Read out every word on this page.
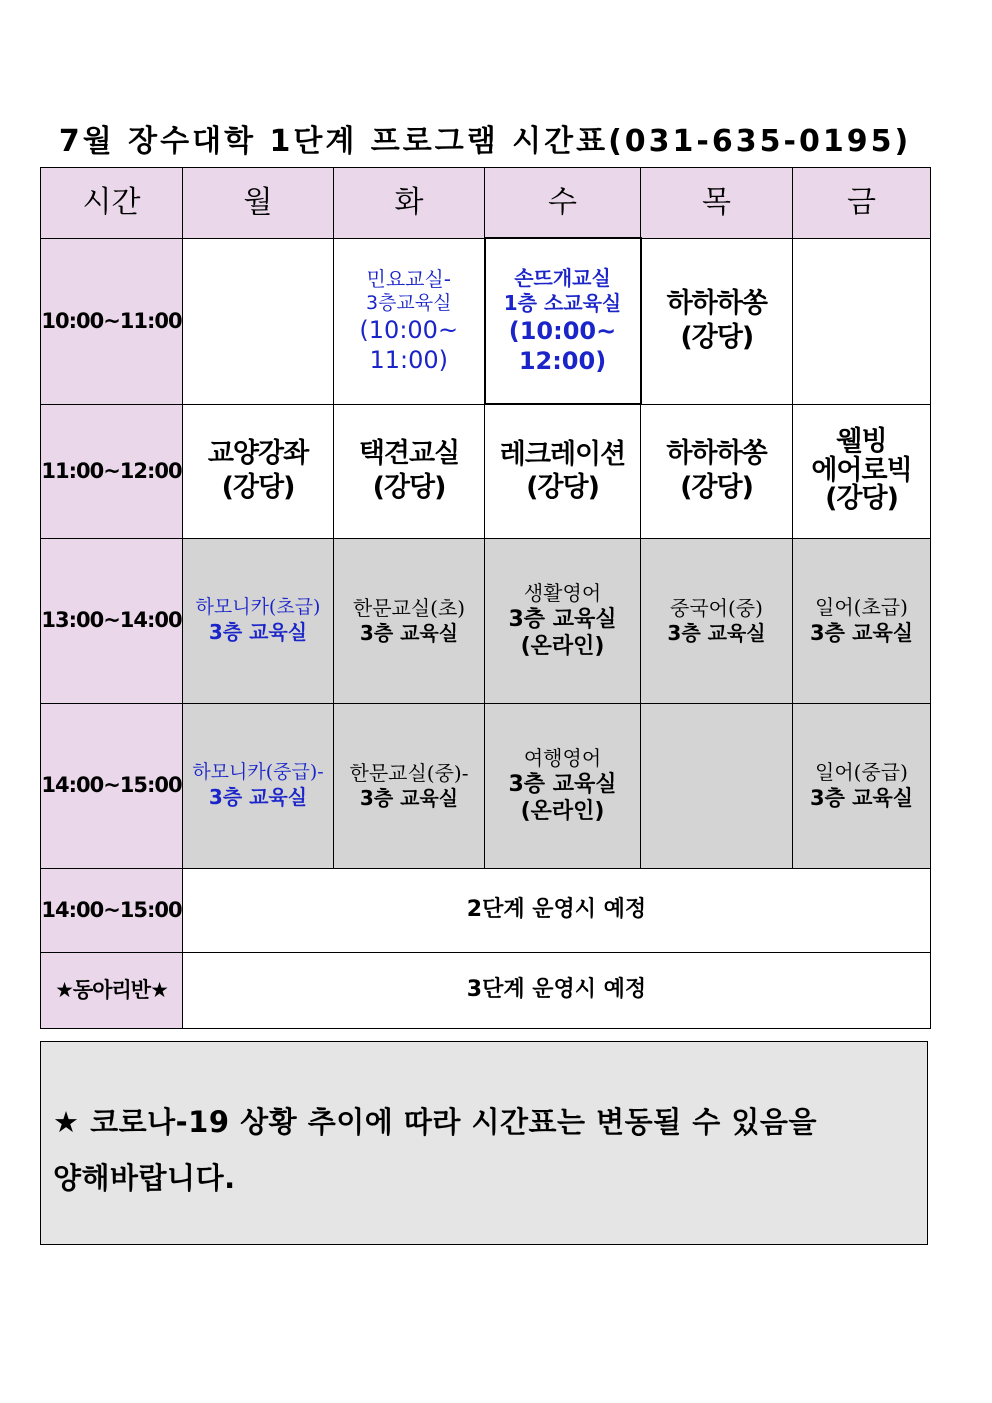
7월 장수대학 1단계 프로그램 시간표(031-635-0195)
시간	월	화	수	목	금
10:00~11:00		민요교실-
3층교육실
(10:00~
11:00)	손뜨개교실
1층 소교육실
(10:00~
12:00)	하하하쏭
(강당)	

11:00~12:00	교양강좌
(강당)	택견교실
(강당)	레크레이션
(강당)	하하하쏭
(강당)	웰빙
에어로빅
(강당)

13:00~14:00	하모니카(초급)
3층 교육실	한문교실(초)
3층 교육실	생활영어
3층 교육실
(온라인)	중국어(중)
3층 교육실	일어(초급)
3층 교육실

14:00~15:00	하모니카(중급)-
3층 교육실	한문교실(중)-
3층 교육실	여행영어
3층 교육실
(온라인)		일어(중급)
3층 교육실

14:00~15:00	2단계 운영시 예정				
★동아리반★	3단계 운영시 예정				
★ 코로나-19 상황 추이에 따라 시간표는 변동될 수 있음을
양해바랍니다.
